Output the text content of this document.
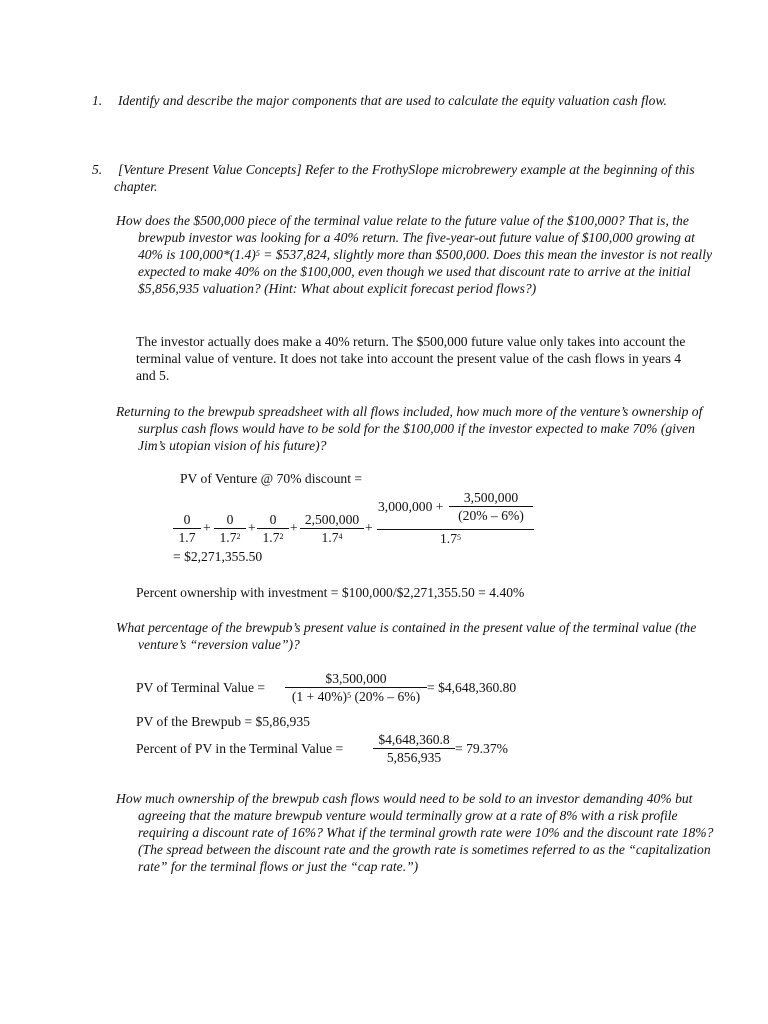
1. Identify and describe the major components that are used to calculate the equity valuation cash flow.

5. [Venture Present Value Concepts] Refer to the FrothySlope microbrewery example at the beginning of this chapter.

How does the $500,000 piece of the terminal value relate to the future value of the $100,000? That is, the brewpub investor was looking for a 40% return. The five-year-out future value of $100,000 growing at 40% is $100,000*(1.4)^5$ = $537,824, slightly more than $500,000. Does this mean the investor is not really expected to make 40% on the $100,000, even though we used that discount rate to arrive at the initial $5,856,935 valuation? (Hint: What about explicit forecast period flows?)

The investor actually does make a 40% return. The $500,000 future value only takes into account the terminal value of venture. It does not take into account the present value of the cash flows in years 4 and 5.

Returning to the brewpub spreadsheet with all flows included, how much more of the venture’s ownership of surplus cash flows would have to be sold for the $100,000 if the investor expected to make 70% (given Jim’s utopian vision of his future)?

PV of Venture @ 70% discount =
$\frac{0}{1.7} + \frac{0}{1.7^2} + \frac{0}{1.7^2} + \frac{2,500,000}{1.7^4}$ +
$3,000,000 + \frac{3,500,000}{(20\% - 6\%)}$
$1.7^5$
= $2,271,355.50

Percent ownership with investment = $100,000/$2,271,355.50 = 4.40%

What percentage of the brewpub’s present value is contained in the present value of the terminal value (the venture’s “reversion value”)?

PV of Terminal Value = $\frac{\$3,500,000}{(1 + 40\%)^5 (20\% - 6\%)}$ = $4,648,360.80

PV of the Brewpub = $5,86,935

Percent of PV in the Terminal Value = $\frac{\$4,648,360.8}{5,856,935} = 79.37\%$

How much ownership of the brewpub cash flows would need to be sold to an investor demanding 40% but agreeing that the mature brewpub venture would terminally grow at a rate of 8% with a risk profile requiring a discount rate of 16%? What if the terminal growth rate were 10% and the discount rate 18%? (The spread between the discount rate and the growth rate is sometimes referred to as the “capitalization rate” for the terminal flows or just the “cap rate.”)
